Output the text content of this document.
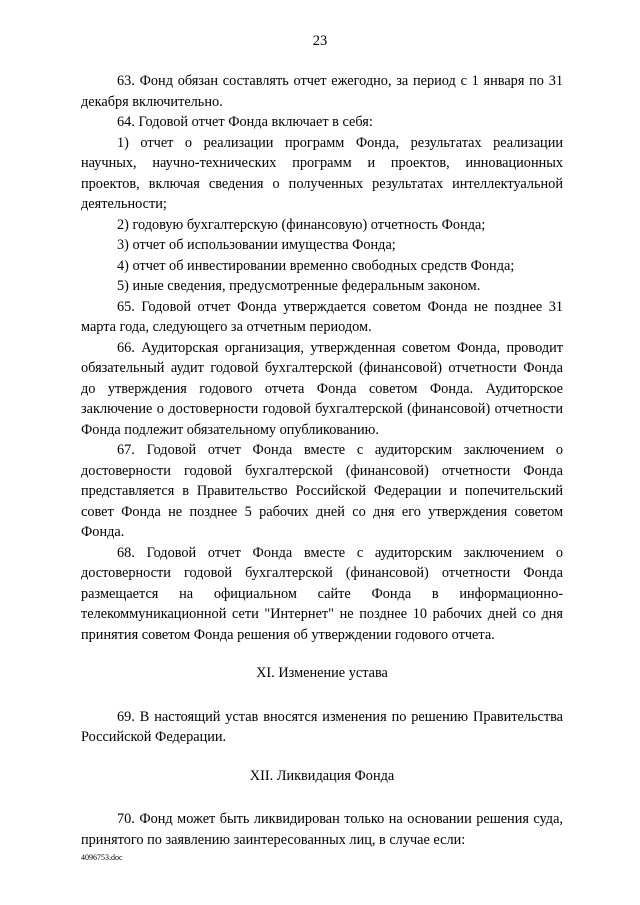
23

63. Фонд обязан составлять отчет ежегодно, за период с 1 января по 31 декабря включительно.

64. Годовой отчет Фонда включает в себя:

1) отчет о реализации программ Фонда, результатах реализации научных, научно-технических программ и проектов, инновационных проектов, включая сведения о полученных результатах интеллектуальной деятельности;

2) годовую бухгалтерскую (финансовую) отчетность Фонда;

3) отчет об использовании имущества Фонда;

4) отчет об инвестировании временно свободных средств Фонда;

5) иные сведения, предусмотренные федеральным законом.

65. Годовой отчет Фонда утверждается советом Фонда не позднее 31 марта года, следующего за отчетным периодом.

66. Аудиторская организация, утвержденная советом Фонда, проводит обязательный аудит годовой бухгалтерской (финансовой) отчетности Фонда до утверждения годового отчета Фонда советом Фонда. Аудиторское заключение о достоверности годовой бухгалтерской (финансовой) отчетности Фонда подлежит обязательному опубликованию.

67. Годовой отчет Фонда вместе с аудиторским заключением о достоверности годовой бухгалтерской (финансовой) отчетности Фонда представляется в Правительство Российской Федерации и попечительский совет Фонда не позднее 5 рабочих дней со дня его утверждения советом Фонда.

68. Годовой отчет Фонда вместе с аудиторским заключением о достоверности годовой бухгалтерской (финансовой) отчетности Фонда размещается на официальном сайте Фонда в информационно-телекоммуникационной сети "Интернет" не позднее 10 рабочих дней со дня принятия советом Фонда решения об утверждении годового отчета.

XI. Изменение устава

69. В настоящий устав вносятся изменения по решению Правительства Российской Федерации.

XII. Ликвидация Фонда

70. Фонд может быть ликвидирован только на основании решения суда, принятого по заявлению заинтересованных лиц, в случае если:

4096753.doc
